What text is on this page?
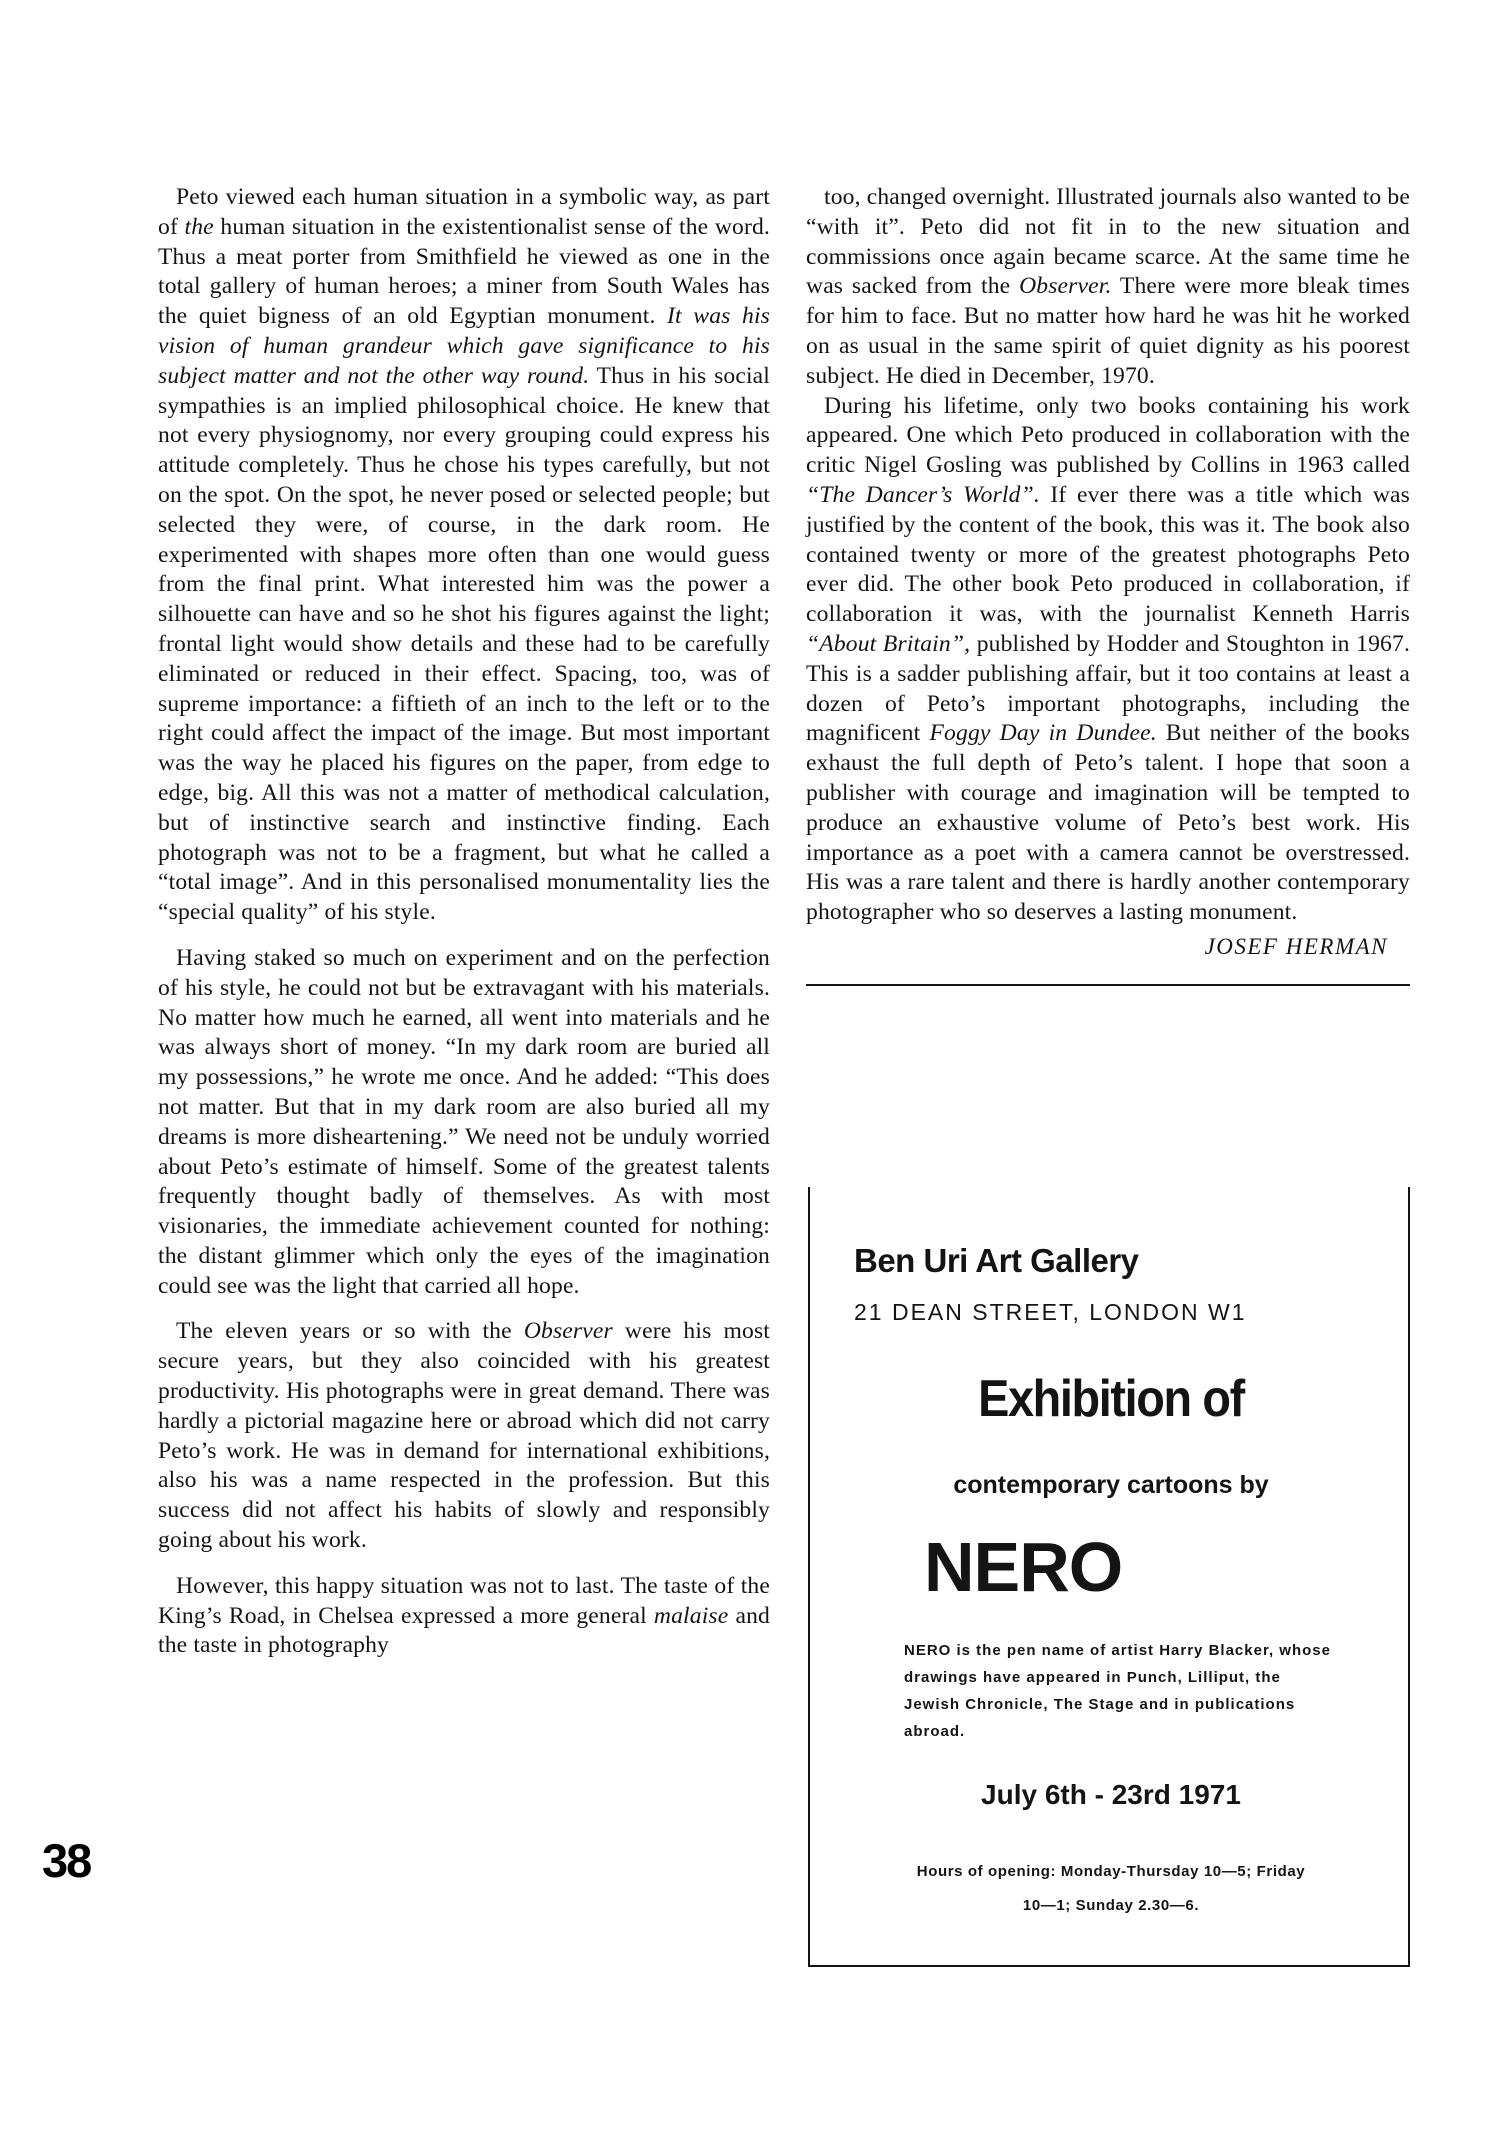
Peto viewed each human situation in a symbolic way, as part of the human situation in the existentionalist sense of the word. Thus a meat porter from Smithfield he viewed as one in the total gallery of human heroes; a miner from South Wales has the quiet bigness of an old Egyptian monument. It was his vision of human grandeur which gave significance to his subject matter and not the other way round. Thus in his social sympathies is an implied philosophical choice. He knew that not every physiognomy, nor every grouping could express his attitude completely. Thus he chose his types carefully, but not on the spot. On the spot, he never posed or selected people; but selected they were, of course, in the dark room. He experimented with shapes more often than one would guess from the final print. What interested him was the power a silhouette can have and so he shot his figures against the light; frontal light would show details and these had to be carefully eliminated or reduced in their effect. Spacing, too, was of supreme importance: a fiftieth of an inch to the left or to the right could affect the impact of the image. But most important was the way he placed his figures on the paper, from edge to edge, big. All this was not a matter of methodical calculation, but of instinctive search and instinctive finding. Each photograph was not to be a fragment, but what he called a “total image”. And in this personalised monumentality lies the “special quality” of his style.

Having staked so much on experiment and on the perfection of his style, he could not but be extravagant with his materials. No matter how much he earned, all went into materials and he was always short of money. “In my dark room are buried all my possessions,” he wrote me once. And he added: “This does not matter. But that in my dark room are also buried all my dreams is more disheartening.” We need not be unduly worried about Peto’s estimate of himself. Some of the greatest talents frequently thought badly of themselves. As with most visionaries, the immediate achievement counted for nothing: the distant glimmer which only the eyes of the imagination could see was the light that carried all hope.

The eleven years or so with the Observer were his most secure years, but they also coincided with his greatest productivity. His photographs were in great demand. There was hardly a pictorial magazine here or abroad which did not carry Peto’s work. He was in demand for international exhibitions, also his was a name respected in the profession. But this success did not affect his habits of slowly and responsibly going about his work.

However, this happy situation was not to last. The taste of the King’s Road, in Chelsea expressed a more general malaise and the taste in photography

too, changed overnight. Illustrated journals also wanted to be “with it”. Peto did not fit in to the new situation and commissions once again became scarce. At the same time he was sacked from the Observer. There were more bleak times for him to face. But no matter how hard he was hit he worked on as usual in the same spirit of quiet dignity as his poorest subject. He died in December, 1970.

During his lifetime, only two books containing his work appeared. One which Peto produced in collaboration with the critic Nigel Gosling was published by Collins in 1963 called “The Dancer’s World”. If ever there was a title which was justified by the content of the book, this was it. The book also contained twenty or more of the greatest photographs Peto ever did. The other book Peto produced in collaboration, if collaboration it was, with the journalist Kenneth Harris “About Britain”, published by Hodder and Stoughton in 1967. This is a sadder publishing affair, but it too contains at least a dozen of Peto’s important photographs, including the magnificent Foggy Day in Dundee. But neither of the books exhaust the full depth of Peto’s talent. I hope that soon a publisher with courage and imagination will be tempted to produce an exhaustive volume of Peto’s best work. His importance as a poet with a camera cannot be overstressed. His was a rare talent and there is hardly another contemporary photographer who so deserves a lasting monument.

JOSEF HERMAN
38
Ben Uri Art Gallery
21 DEAN STREET, LONDON W1
Exhibition of
contemporary cartoons by
NERO
NERO is the pen name of artist Harry Blacker, whose drawings have appeared in Punch, Lilliput, the Jewish Chronicle, The Stage and in publications abroad.
July 6th - 23rd 1971
Hours of opening: Monday-Thursday 10—5; Friday
10—1; Sunday 2.30—6.
